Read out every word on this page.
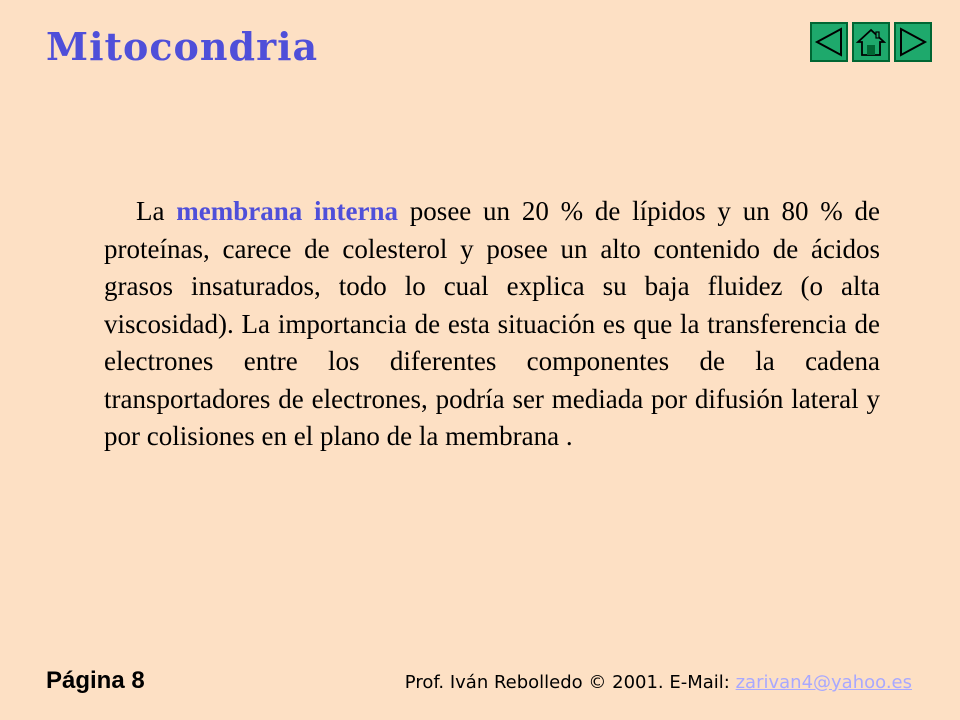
Mitocondria
La membrana interna posee un 20 % de lípidos y un 80 % de proteínas, carece de colesterol y posee un alto contenido de ácidos grasos insaturados, todo lo cual explica su baja fluidez (o alta viscosidad). La importancia de esta situación es que la transferencia de electrones entre los diferentes componentes de la cadena transportadores de electrones, podría ser mediada por difusión lateral y por colisiones en el plano de la membrana .
Página 8	Prof. Iván Rebolledo © 2001. E-Mail: zarivan4@yahoo.es
